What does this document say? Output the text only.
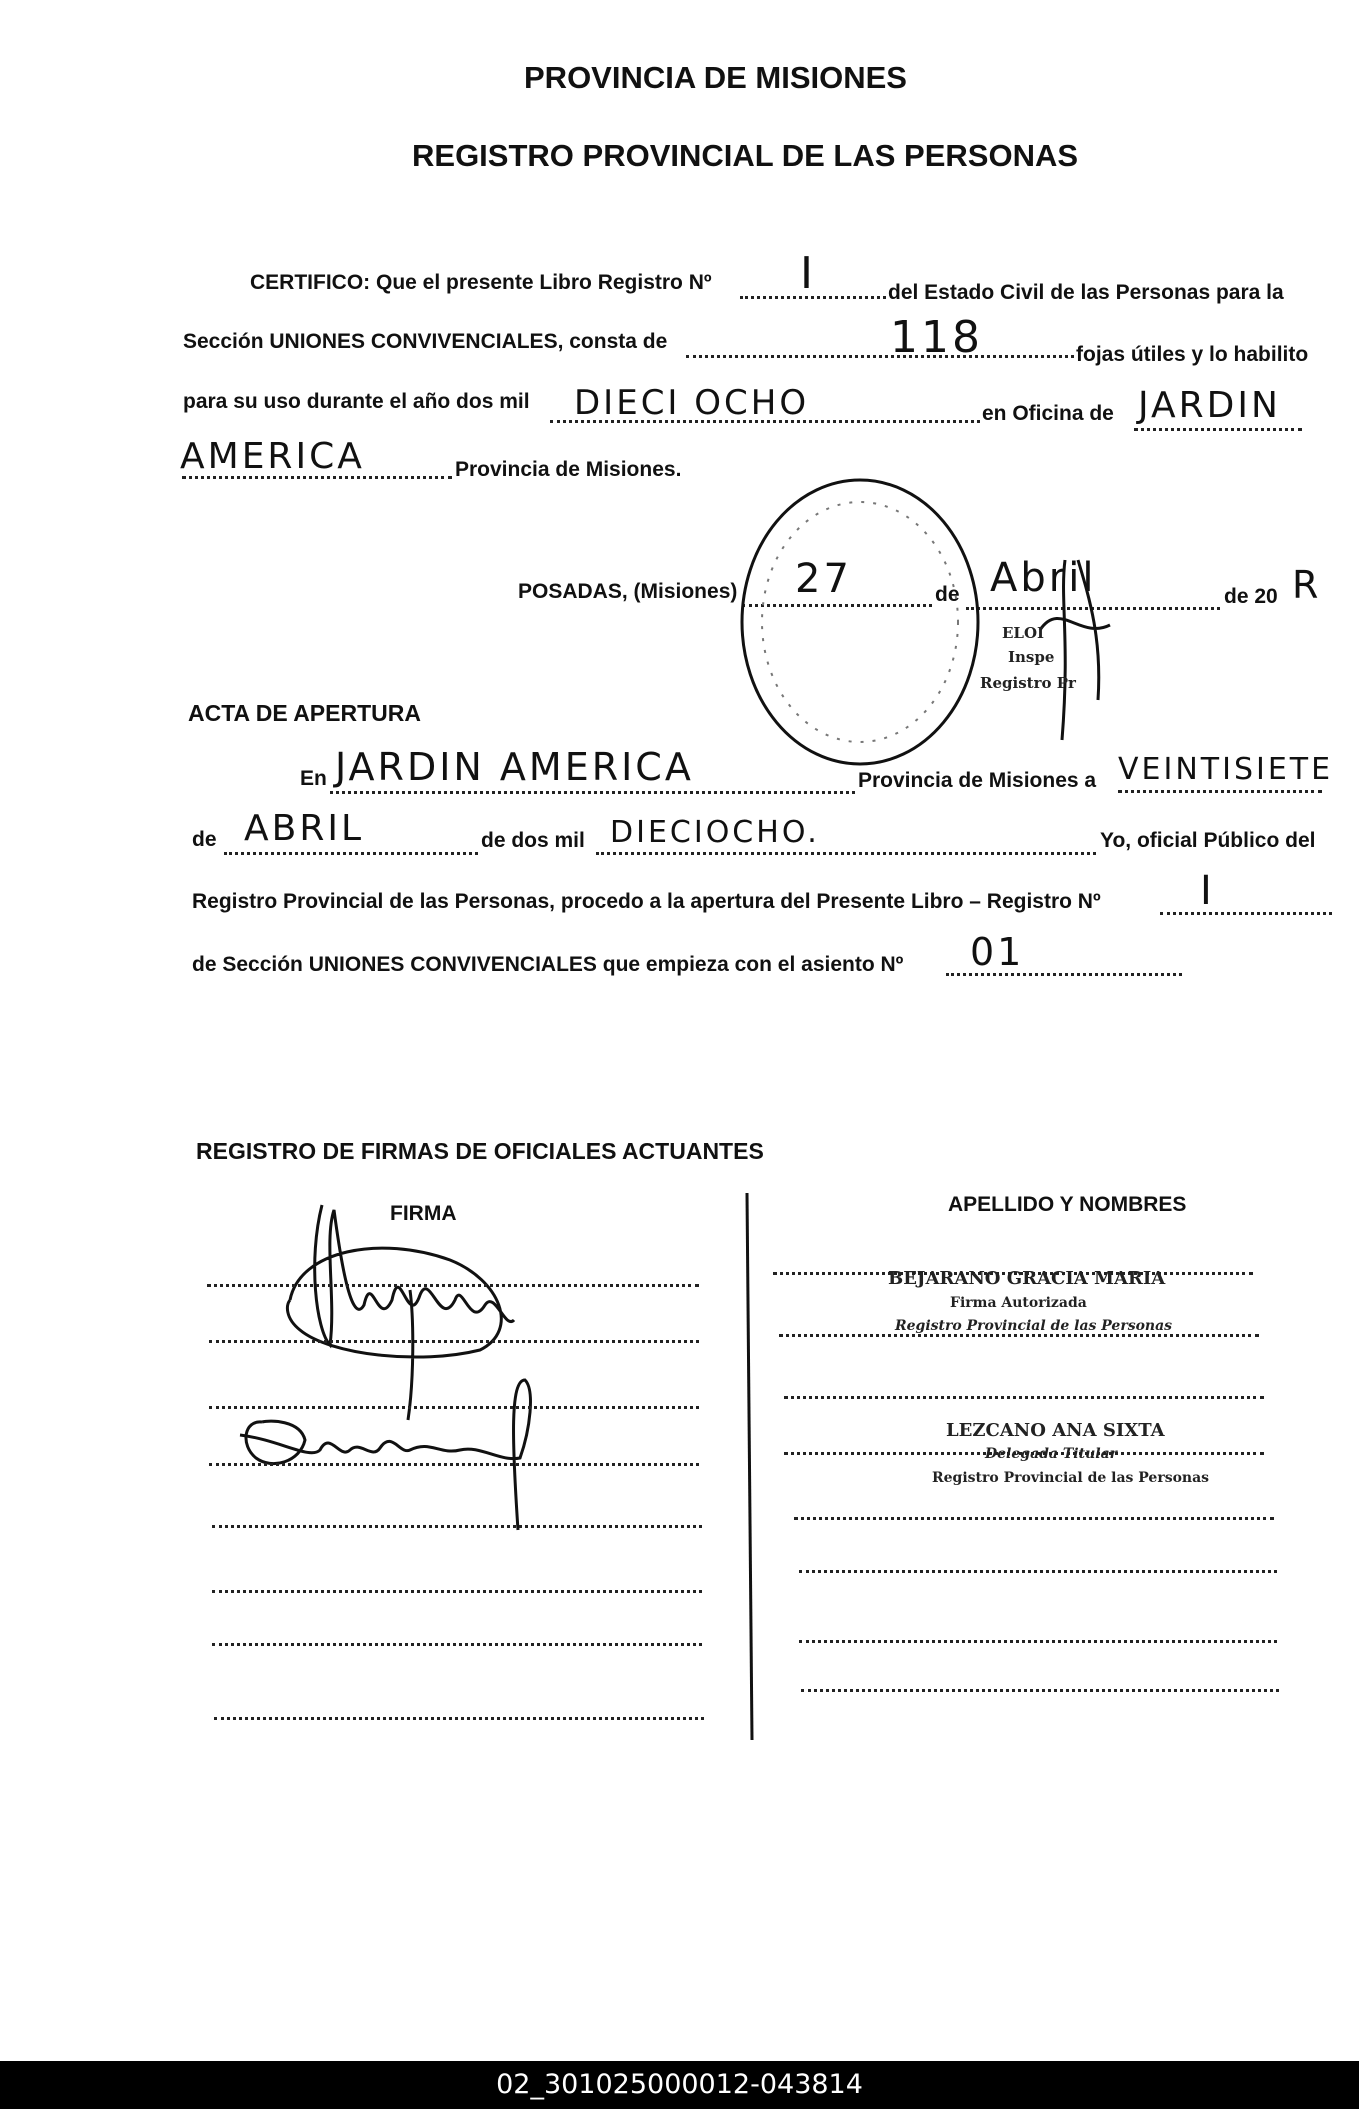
PROVINCIA DE MISIONES
REGISTRO PROVINCIAL DE LAS PERSONAS
CERTIFICO: Que el presente Libro Registro Nº I	del Estado Civil de las Personas para la
Sección UNIONES CONVIVENCIALES, consta de	118	fojas útiles y lo habilito
para su uso durante el año dos mil DIECI OCHO	en Oficina de JARDIN
AMERICA	Provincia de Misiones.
POSADAS, (Misiones) 27	de Abril	de 20 R
ELOI
Inspe
Registro Pr
ACTA DE APERTURA
En JARDIN AMERICA	Provincia de Misiones a VEINTISIETE
de ABRIL	de dos mil DIECIOCHO.	Yo, oficial Público del
Registro Provincial de las Personas, procedo a la apertura del Presente Libro – Registro Nº I
de Sección UNIONES CONVIVENCIALES que empieza con el asiento Nº 01
REGISTRO DE FIRMAS DE OFICIALES ACTUANTES
FIRMA	APELLIDO Y NOMBRES
BEJARANO GRACIA MARIA
Firma Autorizada
Registro Provincial de las Personas
LEZCANO ANA SIXTA
Delegada Titular
Registro Provincial de las Personas
02_301025000012-043814
